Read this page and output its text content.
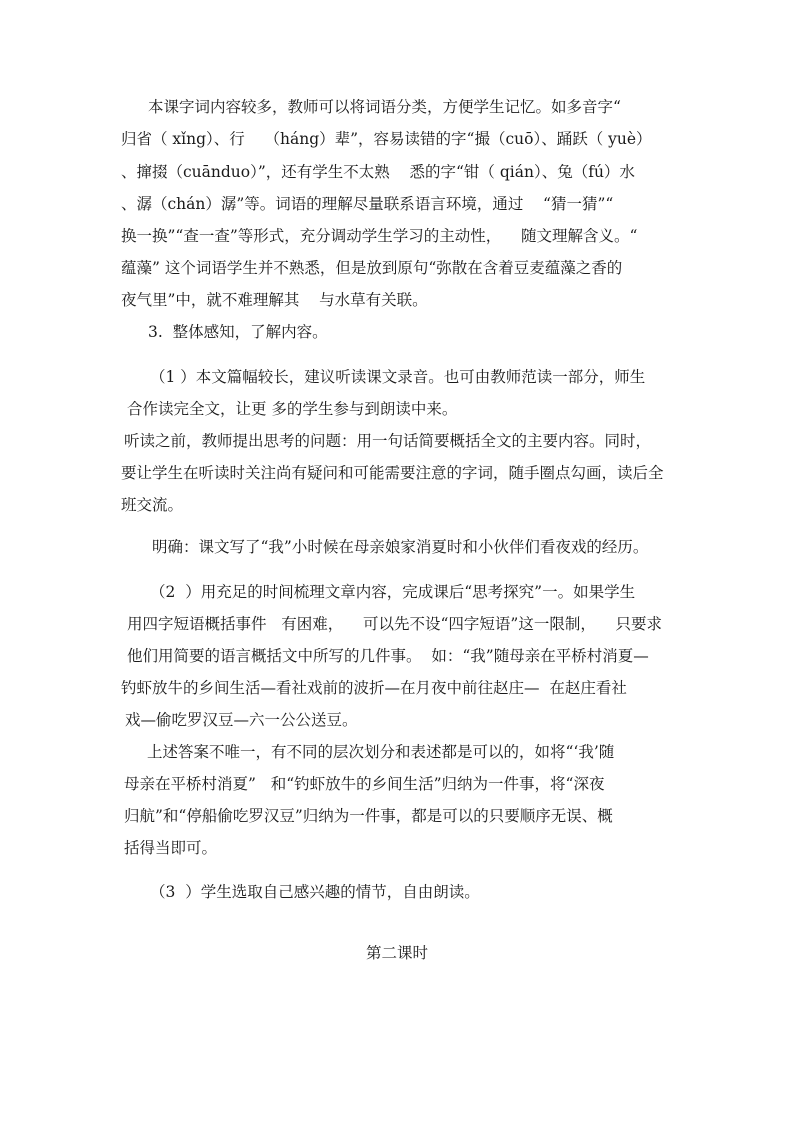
本课字词内容较多，教师可以将词语分类，方便学生记忆。如多音字“
归省（ xǐng）、行    （háng）辈”，容易读错的字“撮（cuō）、踊跃（ yuè）
、撺掇（cuānduo）”，还有学生不太熟    悉的字“钳（ qián）、兔（fú）水
、潺（chán）潺”等。词语的理解尽量联系语言环境，通过    “猜一猜”“
换一换”“查一查”等形式，充分调动学生学习的主动性，    随文理解含义。“
蕴藻” 这个词语学生并不熟悉，但是放到原句“弥散在含着豆麦蕴藻之香的
夜气里”中，就不难理解其    与水草有关联。
3.  整体感知，了解内容。
（1 ）本文篇幅较长，建议听读课文录音。也可由教师范读一部分，师生
合作读完全文，让更 多的学生参与到朗读中来。
听读之前，教师提出思考的问题：用一句话简要概括全文的主要内容。同时，
要让学生在听读时关注尚有疑问和可能需要注意的字词，随手圈点勾画，读后全
班交流。
明确：课文写了“我”小时候在母亲娘家消夏时和小伙伴们看夜戏的经历。
（2  ）用充足的时间梳理文章内容，完成课后“思考探究”一。如果学生
用四字短语概括事件   有困难，    可以先不设“四字短语”这一限制，    只要求
他们用简要的语言概括文中所写的几件事。  如：“我”随母亲在平桥村消夏—
钓虾放牛的乡间生活—看社戏前的波折—在月夜中前往赵庄—  在赵庄看社
戏—偷吃罗汉豆—六一公公送豆。
上述答案不唯一，有不同的层次划分和表述都是可以的，如将“‘我’随
母亲在平桥村消夏”   和“钓虾放牛的乡间生活”归纳为一件事，将“深夜
归航”和“停船偷吃罗汉豆”归纳为一件事，都是可以的只要顺序无误、概
括得当即可。
（3  ）学生选取自己感兴趣的情节，自由朗读。
第二课时
